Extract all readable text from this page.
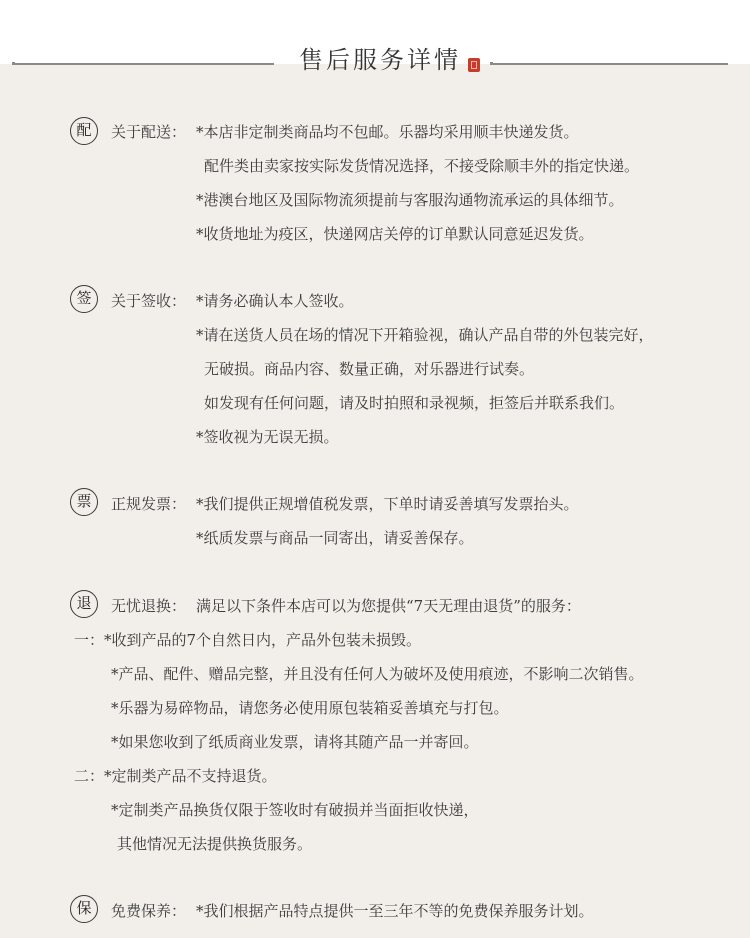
售后服务详情
配	关于配送： *本店非定制类商品均不包邮。乐器均采用顺丰快递发货。
配件类由卖家按实际发货情况选择，不接受除顺丰外的指定快递。
*港澳台地区及国际物流须提前与客服沟通物流承运的具体细节。
*收货地址为疫区，快递网店关停的订单默认同意延迟发货。
签	关于签收： *请务必确认本人签收。
*请在送货人员在场的情况下开箱验视，确认产品自带的外包装完好，
无破损。商品内容、数量正确，对乐器进行试奏。
如发现有任何问题，请及时拍照和录视频，拒签后并联系我们。
*签收视为无误无损。
票	正规发票： *我们提供正规增值税发票，下单时请妥善填写发票抬头。
*纸质发票与商品一同寄出，请妥善保存。
退	无忧退换： 满足以下条件本店可以为您提供“7天无理由退货”的服务：
一：*收到产品的7个自然日内，产品外包装未损毁。
*产品、配件、赠品完整，并且没有任何人为破坏及使用痕迹，不影响二次销售。
*乐器为易碎物品，请您务必使用原包装箱妥善填充与打包。
*如果您收到了纸质商业发票，请将其随产品一并寄回。
二：*定制类产品不支持退货。
*定制类产品换货仅限于签收时有破损并当面拒收快递，
其他情况无法提供换货服务。
保	免费保养： *我们根据产品特点提供一至三年不等的免费保养服务计划。
